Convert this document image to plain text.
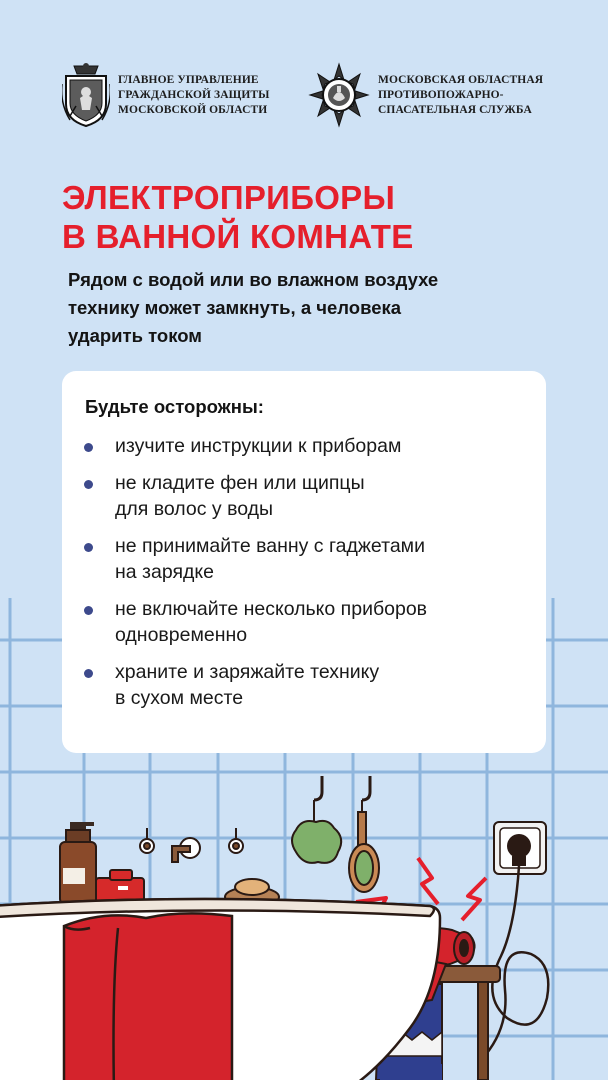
ГЛАВНОЕ УПРАВЛЕНИЕ
ГРАЖДАНСКОЙ ЗАЩИТЫ
МОСКОВСКОЙ ОБЛАСТИ
МОСКОВСКАЯ ОБЛАСТНАЯ
ПРОТИВОПОЖАРНО-
СПАСАТЕЛЬНАЯ СЛУЖБА
ЭЛЕКТРОПРИБОРЫ
В ВАННОЙ КОМНАТЕ
Рядом с водой или во влажном воздухе
технику может замкнуть, а человека
ударить током
Будьте осторожны:
изучите инструкции к приборам
не кладите фен или щипцы
для волос у воды
не принимайте ванну с гаджетами
на зарядке
не включайте несколько приборов
одновременно
храните и заряжайте технику
в сухом месте
